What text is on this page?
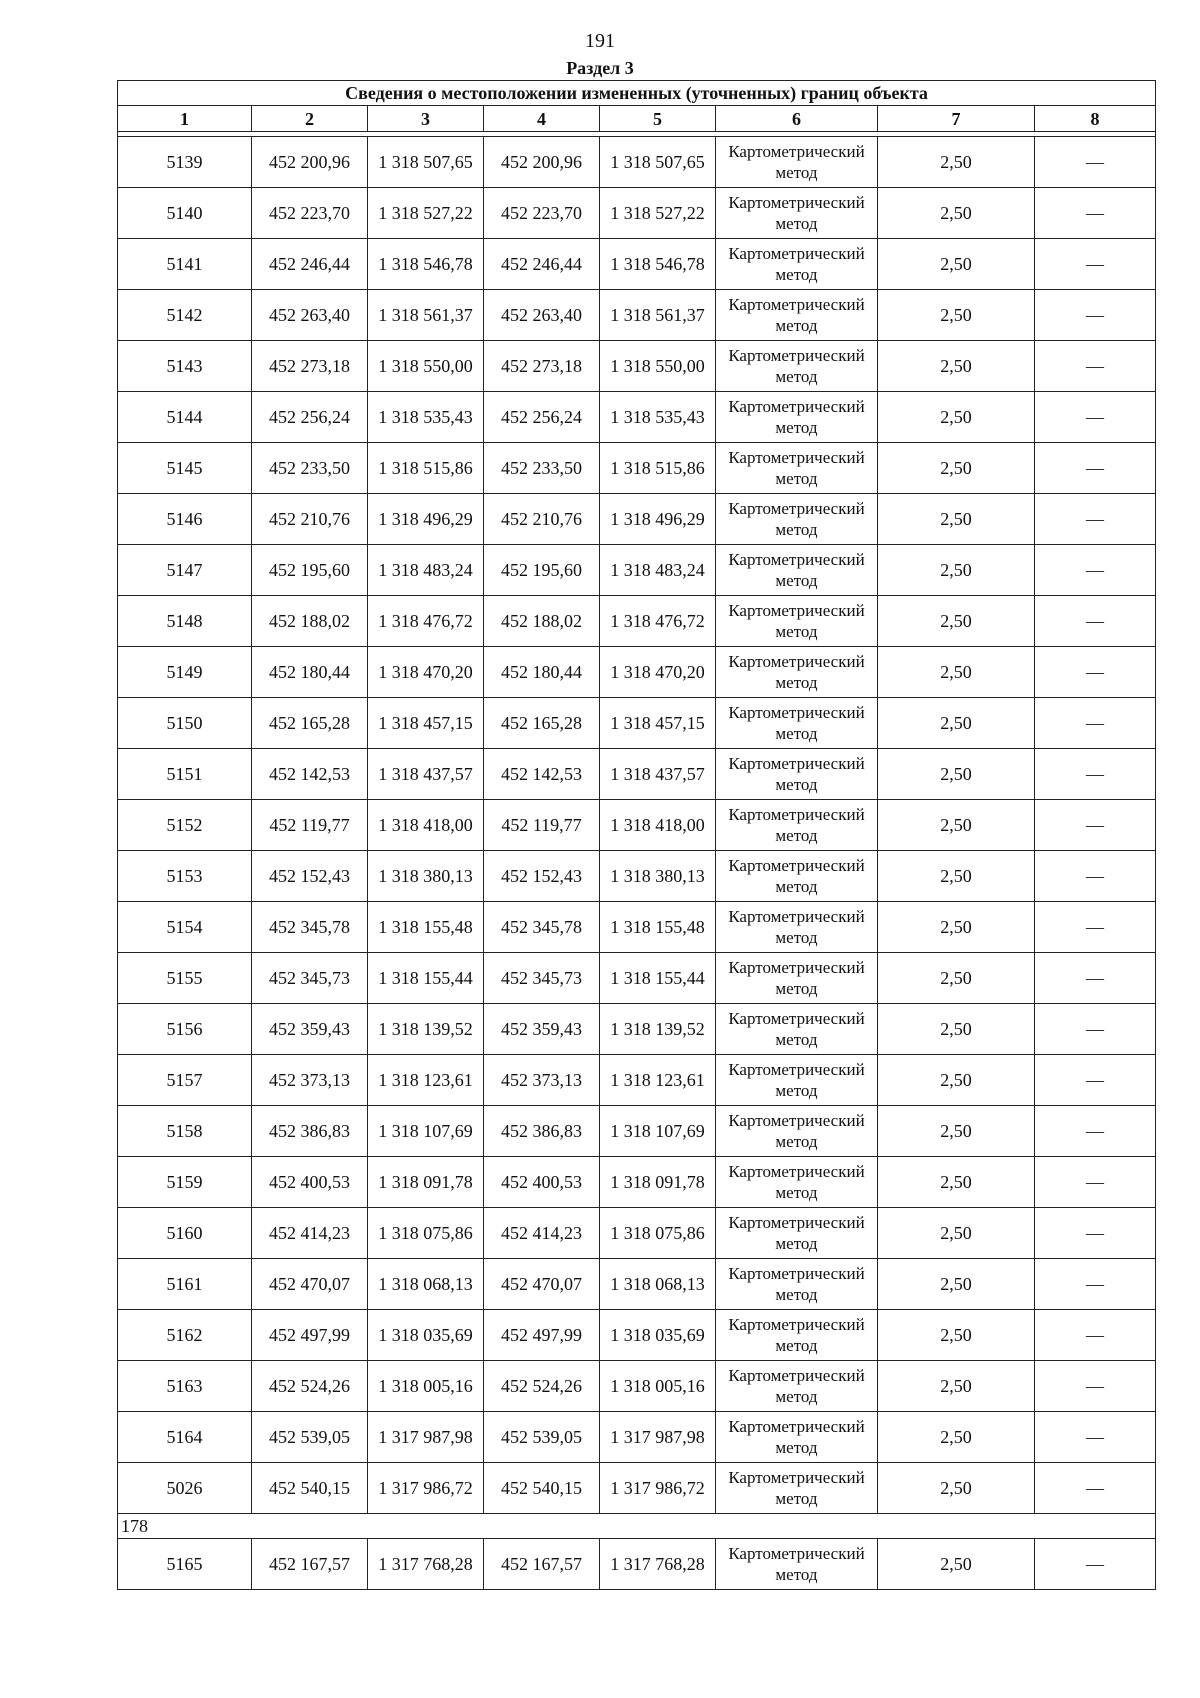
191
Раздел 3
Сведения о местоположении измененных (уточненных) границ объекта							
1	2	3	4	5	6	7	8

5139	452 200,96	1 318 507,65	452 200,96	1 318 507,65	Картометрический метод	2,50	—
5140	452 223,70	1 318 527,22	452 223,70	1 318 527,22	Картометрический метод	2,50	—
5141	452 246,44	1 318 546,78	452 246,44	1 318 546,78	Картометрический метод	2,50	—
5142	452 263,40	1 318 561,37	452 263,40	1 318 561,37	Картометрический метод	2,50	—
5143	452 273,18	1 318 550,00	452 273,18	1 318 550,00	Картометрический метод	2,50	—
5144	452 256,24	1 318 535,43	452 256,24	1 318 535,43	Картометрический метод	2,50	—
5145	452 233,50	1 318 515,86	452 233,50	1 318 515,86	Картометрический метод	2,50	—
5146	452 210,76	1 318 496,29	452 210,76	1 318 496,29	Картометрический метод	2,50	—
5147	452 195,60	1 318 483,24	452 195,60	1 318 483,24	Картометрический метод	2,50	—
5148	452 188,02	1 318 476,72	452 188,02	1 318 476,72	Картометрический метод	2,50	—
5149	452 180,44	1 318 470,20	452 180,44	1 318 470,20	Картометрический метод	2,50	—
5150	452 165,28	1 318 457,15	452 165,28	1 318 457,15	Картометрический метод	2,50	—
5151	452 142,53	1 318 437,57	452 142,53	1 318 437,57	Картометрический метод	2,50	—
5152	452 119,77	1 318 418,00	452 119,77	1 318 418,00	Картометрический метод	2,50	—
5153	452 152,43	1 318 380,13	452 152,43	1 318 380,13	Картометрический метод	2,50	—
5154	452 345,78	1 318 155,48	452 345,78	1 318 155,48	Картометрический метод	2,50	—
5155	452 345,73	1 318 155,44	452 345,73	1 318 155,44	Картометрический метод	2,50	—
5156	452 359,43	1 318 139,52	452 359,43	1 318 139,52	Картометрический метод	2,50	—
5157	452 373,13	1 318 123,61	452 373,13	1 318 123,61	Картометрический метод	2,50	—
5158	452 386,83	1 318 107,69	452 386,83	1 318 107,69	Картометрический метод	2,50	—
5159	452 400,53	1 318 091,78	452 400,53	1 318 091,78	Картометрический метод	2,50	—
5160	452 414,23	1 318 075,86	452 414,23	1 318 075,86	Картометрический метод	2,50	—
5161	452 470,07	1 318 068,13	452 470,07	1 318 068,13	Картометрический метод	2,50	—
5162	452 497,99	1 318 035,69	452 497,99	1 318 035,69	Картометрический метод	2,50	—
5163	452 524,26	1 318 005,16	452 524,26	1 318 005,16	Картометрический метод	2,50	—
5164	452 539,05	1 317 987,98	452 539,05	1 317 987,98	Картометрический метод	2,50	—
5026	452 540,15	1 317 986,72	452 540,15	1 317 986,72	Картометрический метод	2,50	—
178							
5165	452 167,57	1 317 768,28	452 167,57	1 317 768,28	Картометрический метод	2,50	—
